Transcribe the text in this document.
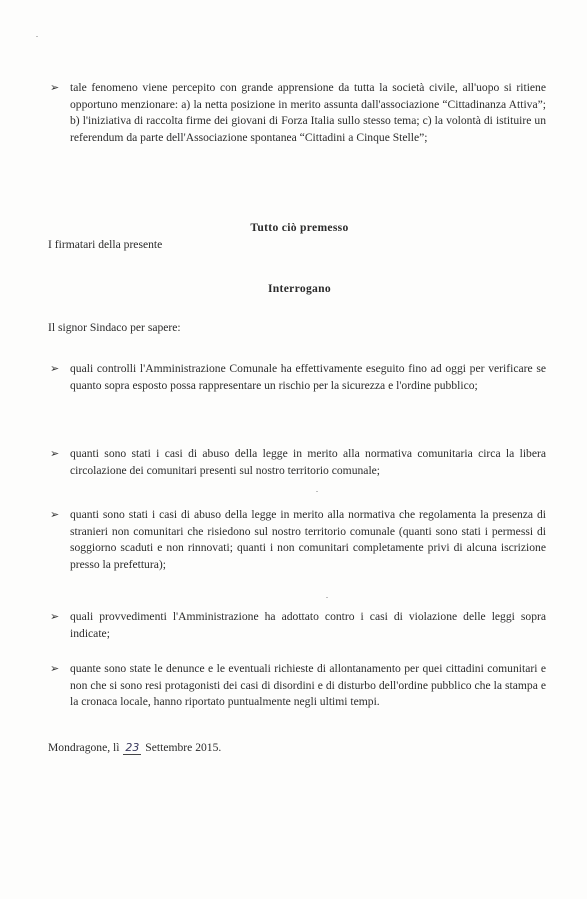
➢ tale fenomeno viene percepito con grande apprensione da tutta la società civile, all'uopo si ritiene opportuno menzionare: a) la netta posizione in merito assunta dall'associazione “Cittadinanza Attiva”; b) l'iniziativa di raccolta firme dei giovani di Forza Italia sullo stesso tema; c) la volontà di istituire un referendum da parte dell'Associazione spontanea “Cittadini a Cinque Stelle”;
Tutto ciò premesso
I firmatari della presente
Interrogano
Il signor Sindaco per sapere:
➢ quali controlli l'Amministrazione Comunale ha effettivamente eseguito fino ad oggi per verificare se quanto sopra esposto possa rappresentare un rischio per la sicurezza e l'ordine pubblico;
➢ quanti sono stati i casi di abuso della legge in merito alla normativa comunitaria circa la libera circolazione dei comunitari presenti sul nostro territorio comunale;
➢ quanti sono stati i casi di abuso della legge in merito alla normativa che regolamenta la presenza di stranieri non comunitari che risiedono sul nostro territorio comunale (quanti sono stati i permessi di soggiorno scaduti e non rinnovati; quanti i non comunitari completamente privi di alcuna iscrizione presso la prefettura);
➢ quali provvedimenti l'Amministrazione ha adottato contro i casi di violazione delle leggi sopra indicate;
➢ quante sono state le denunce e le eventuali richieste di allontanamento per quei cittadini comunitari e non che si sono resi protagonisti dei casi di disordini e di disturbo dell'ordine pubblico che la stampa e la cronaca locale, hanno riportato puntualmente negli ultimi tempi.
Mondragone, lì 23 Settembre 2015.
